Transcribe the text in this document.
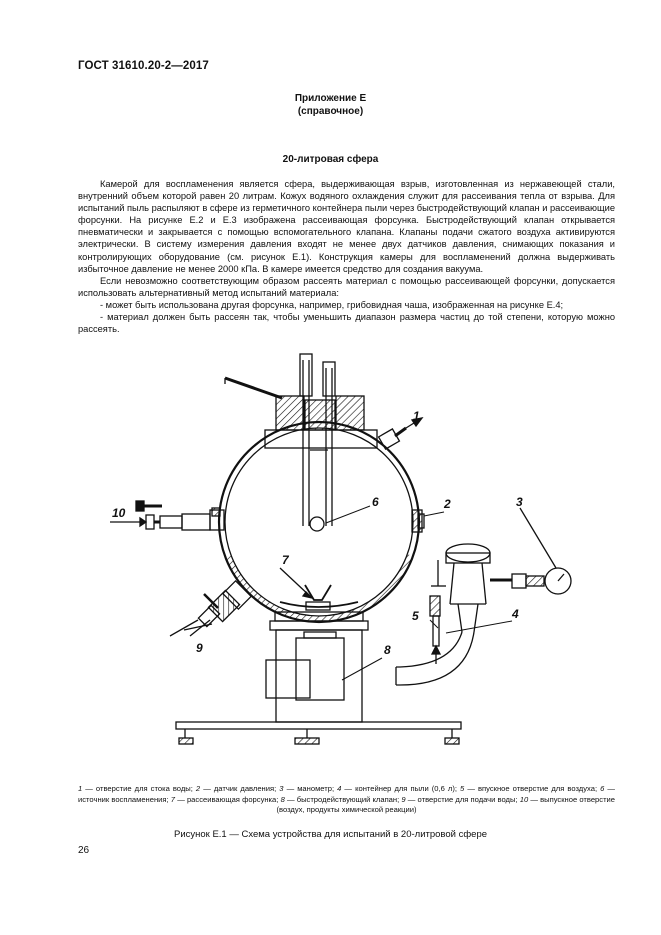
ГОСТ 31610.20-2—2017
Приложение Е
(справочное)
20-литровая сфера

Камерой для воспламенения является сфера, выдерживающая взрыв, изготовленная из нержавеющей стали, внутренний объем которой равен 20 литрам. Кожух водяного охлаждения служит для рассеивания тепла от взрыва. Для испытаний пыль распыляют в сфере из герметичного контейнера пыли через быстродействующий клапан и рассеивающие форсунки. На рисунке Е.2 и Е.3 изображена рассеивающая форсунка. Быстродействующий клапан открывается пневматически и закрывается с помощью вспомогательного клапана. Клапаны подачи сжатого воздуха активируются электрически. В систему измерения давления входят не менее двух датчиков давления, снимающих показания и контролирующих оборудование (см. рисунок Е.1). Конструкция камеры для воспламенений должна выдерживать избыточное давление не менее 2000 кПа. В камере имеется средство для создания вакуума.

Если невозможно соответствующим образом рассеять материал с помощью рассеивающей форсунки, допускается использовать альтернативный метод испытаний материала:

- может быть использована другая форсунка, например, грибовидная чаша, изображенная на рисунке Е.4;

- материал должен быть рассеян так, чтобы уменьшить диапазон размера частиц до той степени, которую можно рассеять.

1
2	3
4
5
6
7
8
9
10
1 — отверстие для стока воды; 2 — датчик давления; 3 — манометр; 4 — контейнер для пыли (0,6 л); 5 — впускное отверстие для воздуха; 6 — источник воспламенения; 7 — рассеивающая форсунка; 8 — быстродействующий клапан; 9 — отверстие для подачи воды; 10 — выпускное отверстие (воздух, продукты химической реакции)
Рисунок Е.1 — Схема устройства для испытаний в 20-литровой сфере
26
